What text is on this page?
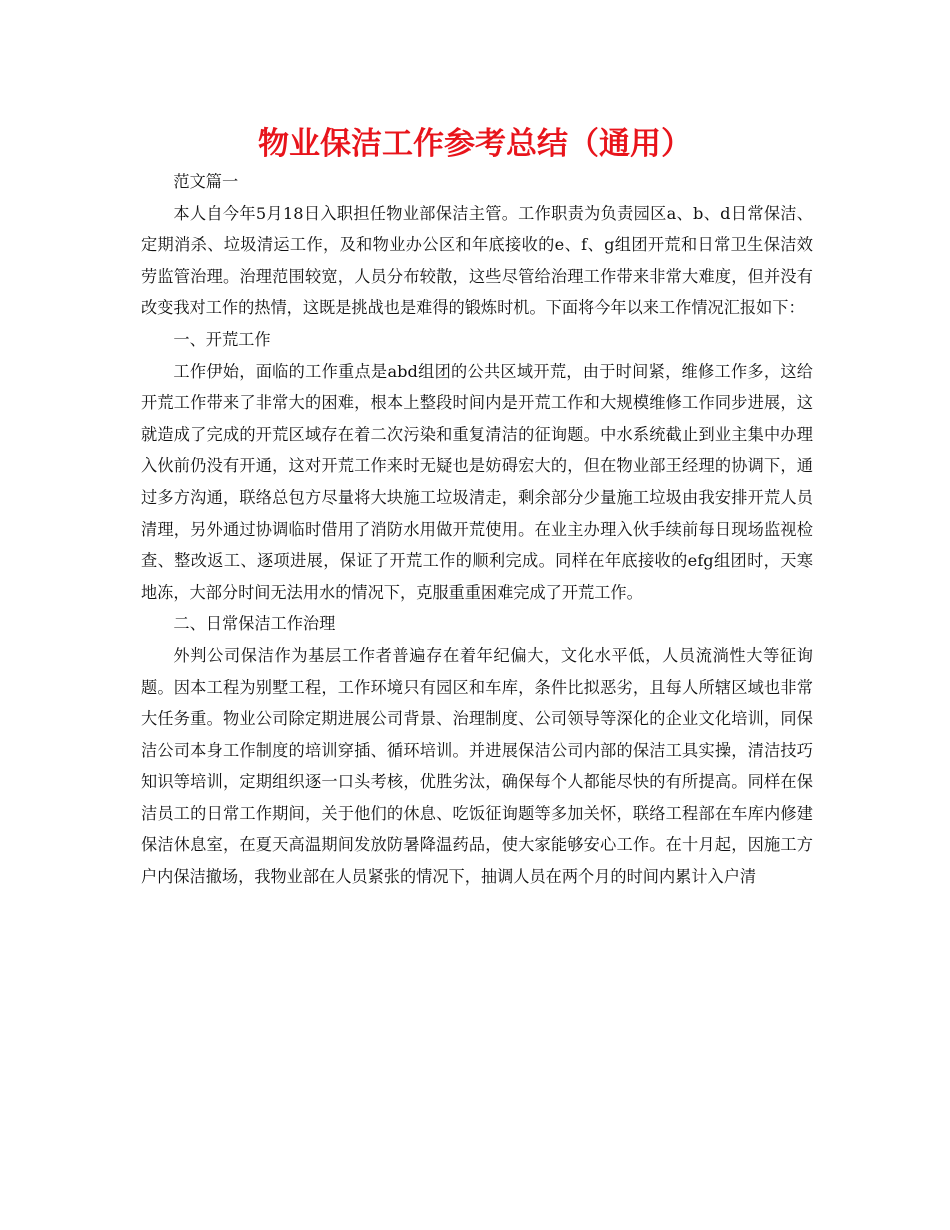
物业保洁工作参考总结（通用）

范文篇一

本人自今年5月18日入职担任物业部保洁主管。工作职责为负责园区a、b、d日常保洁、定期消杀、垃圾清运工作，及和物业办公区和年底接收的e、f、g组团开荒和日常卫生保洁效劳监管治理。治理范围较宽，人员分布较散，这些尽管给治理工作带来非常大难度，但并没有改变我对工作的热情，这既是挑战也是难得的锻炼时机。下面将今年以来工作情况汇报如下：

一、开荒工作

工作伊始，面临的工作重点是abd组团的公共区域开荒，由于时间紧，维修工作多，这给开荒工作带来了非常大的困难，根本上整段时间内是开荒工作和大规模维修工作同步进展，这就造成了完成的开荒区域存在着二次污染和重复清洁的征询题。中水系统截止到业主集中办理入伙前仍没有开通，这对开荒工作来时无疑也是妨碍宏大的，但在物业部王经理的协调下，通过多方沟通，联络总包方尽量将大块施工垃圾清走，剩余部分少量施工垃圾由我安排开荒人员清理，另外通过协调临时借用了消防水用做开荒使用。在业主办理入伙手续前每日现场监视检查、整改返工、逐项进展，保证了开荒工作的顺利完成。同样在年底接收的efg组团时，天寒地冻，大部分时间无法用水的情况下，克服重重困难完成了开荒工作。

二、日常保洁工作治理

外判公司保洁作为基层工作者普遍存在着年纪偏大，文化水平低，人员流淌性大等征询题。因本工程为别墅工程，工作环境只有园区和车库，条件比拟恶劣，且每人所辖区域也非常大任务重。物业公司除定期进展公司背景、治理制度、公司领导等深化的企业文化培训，同保洁公司本身工作制度的培训穿插、循环培训。并进展保洁公司内部的保洁工具实操，清洁技巧知识等培训，定期组织逐一口头考核，优胜劣汰，确保每个人都能尽快的有所提高。同样在保洁员工的日常工作期间，关于他们的休息、吃饭征询题等多加关怀，联络工程部在车库内修建保洁休息室，在夏天高温期间发放防暑降温药品，使大家能够安心工作。在十月起，因施工方户内保洁撤场，我物业部在人员紧张的情况下，抽调人员在两个月的时间内累计入户清
